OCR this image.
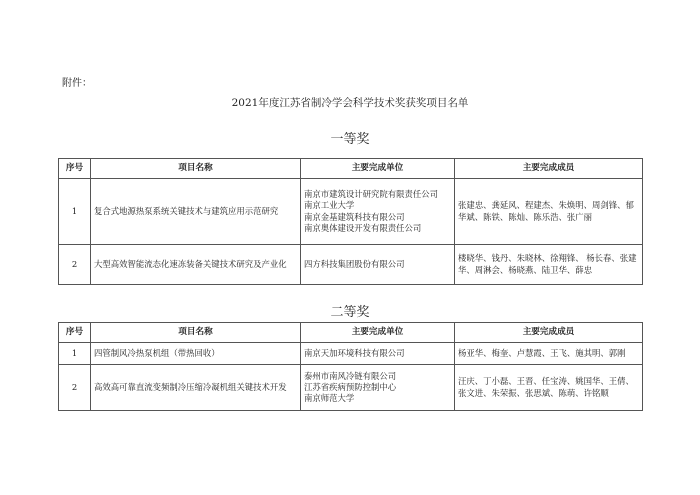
附件：
2021年度江苏省制冷学会科学技术奖获奖项目名单
一等奖
序号	项目名称	主要完成单位	主要完成成员
1	复合式地源热泵系统关键技术与建筑应用示范研究	南京市建筑设计研究院有限责任公司
南京工业大学
南京金基建筑科技有限公司
南京奥体建设开发有限责任公司	张建忠、龚延风、程建杰、朱焕明、周剑锋、郁华斌、陈铁、陈灿、陈乐浩、张广丽
2	大型高效智能流态化速冻装备关键技术研究及产业化	四方科技集团股份有限公司	楼晓华、钱丹、朱晓林、徐翔锋、 杨长春、张建华、周淋会、杨晓燕、陆卫华、薛忠
二等奖
序号	项目名称	主要完成单位	主要完成成员
1	四管制风冷热泵机组（带热回收）	南京天加环境科技有限公司	杨亚华、梅奎、卢慧霞、王飞、施其明、郭刚
2	高效高可靠直流变频制冷压缩冷凝机组关键技术开发	泰州市南风冷链有限公司
江苏省疾病预防控制中心
南京师范大学	汪庆、丁小磊、王晋、任宝涛、姚国华、王倩、张文进、朱荣振、张思斌、陈萌、许铭顺
